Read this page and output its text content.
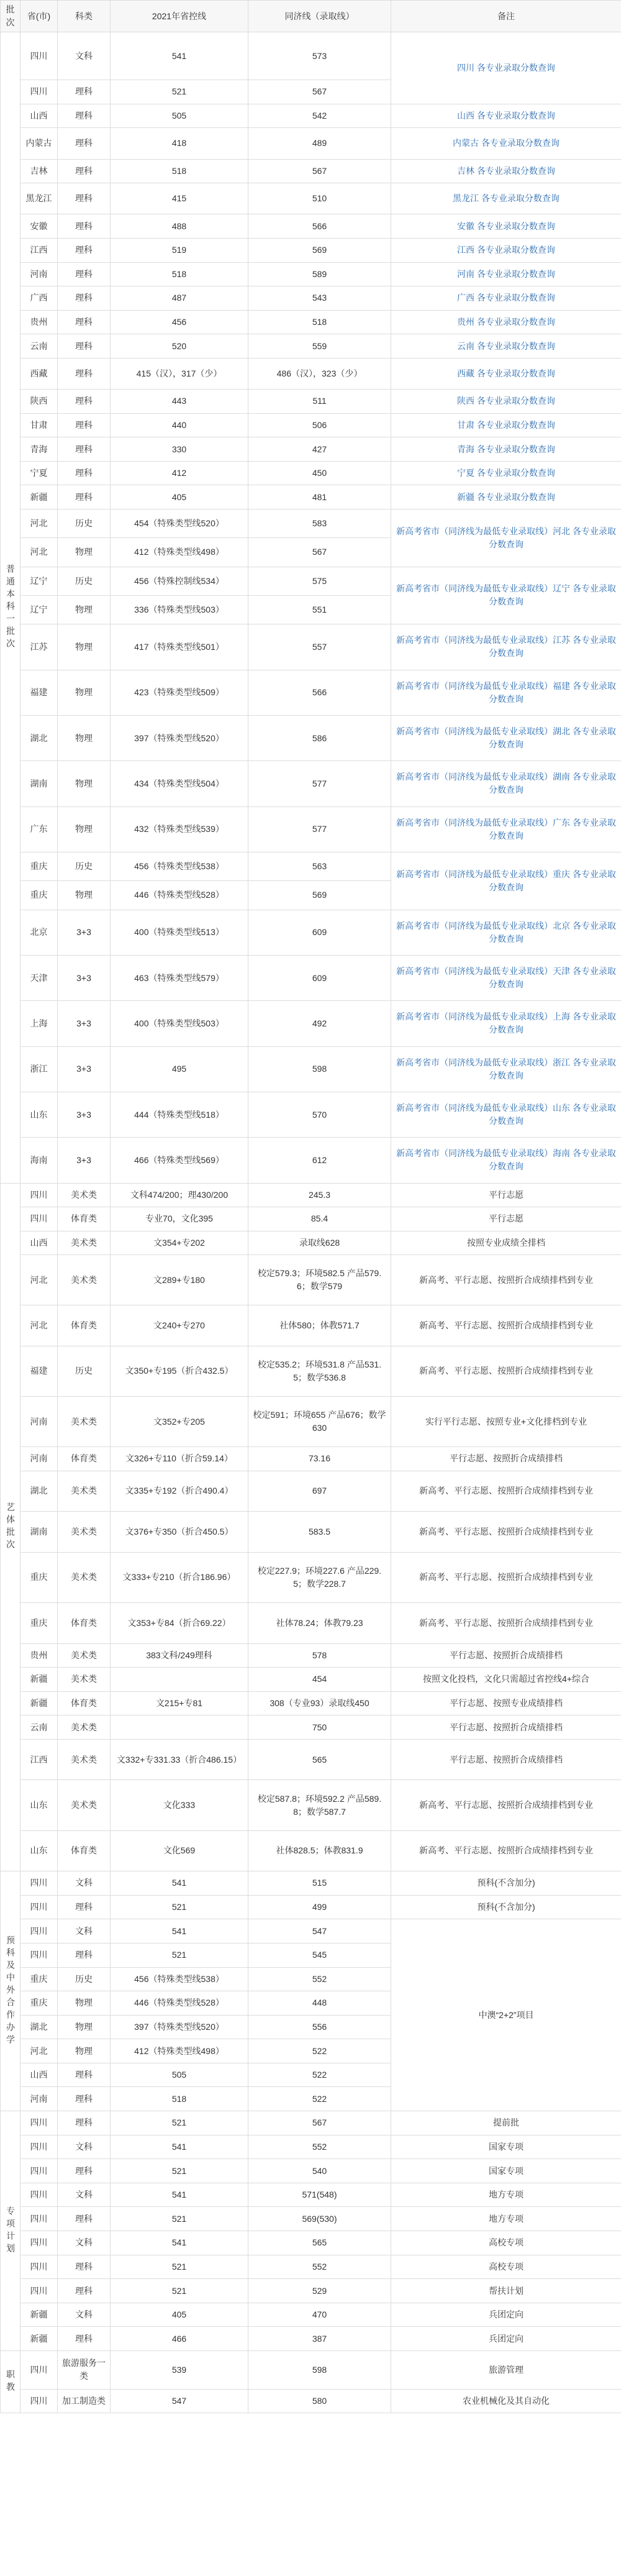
批次	省(市)	科类	2021年省控线	同济线（录取线）	备注
普通本科一批次	四川	文科	541	573	四川 各专业录取分数查询
	四川	理科	521	567	
	山西	理科	505	542	山西 各专业录取分数查询
	内蒙古	理科	418	489	内蒙古 各专业录取分数查询
	吉林	理科	518	567	吉林 各专业录取分数查询
	黑龙江	理科	415	510	黑龙江 各专业录取分数查询
	安徽	理科	488	566	安徽 各专业录取分数查询
	江西	理科	519	569	江西 各专业录取分数查询
	河南	理科	518	589	河南 各专业录取分数查询
	广西	理科	487	543	广西 各专业录取分数查询
	贵州	理科	456	518	贵州 各专业录取分数查询
	云南	理科	520	559	云南 各专业录取分数查询
	西藏	理科	415（汉），317（少）	486（汉），323（少）	西藏 各专业录取分数查询
	陕西	理科	443	511	陕西 各专业录取分数查询
	甘肃	理科	440	506	甘肃 各专业录取分数查询
	青海	理科	330	427	青海 各专业录取分数查询
	宁夏	理科	412	450	宁夏 各专业录取分数查询
	新疆	理科	405	481	新疆 各专业录取分数查询
	河北	历史	454（特殊类型线520）	583	新高考省市（同济线为最低专业录取线）河北 各专业录取分数查询
	河北	物理	412（特殊类型线498）	567	
	辽宁	历史	456（特殊控制线534）	575	新高考省市（同济线为最低专业录取线）辽宁 各专业录取分数查询
	辽宁	物理	336（特殊类型线503）	551	
	江苏	物理	417（特殊类型线501）	557	新高考省市（同济线为最低专业录取线）江苏 各专业录取分数查询
	福建	物理	423（特殊类型线509）	566	新高考省市（同济线为最低专业录取线）福建 各专业录取分数查询
	湖北	物理	397（特殊类型线520）	586	新高考省市（同济线为最低专业录取线）湖北 各专业录取分数查询
	湖南	物理	434（特殊类型线504）	577	新高考省市（同济线为最低专业录取线）湖南 各专业录取分数查询
	广东	物理	432（特殊类型线539）	577	新高考省市（同济线为最低专业录取线）广东 各专业录取分数查询
	重庆	历史	456（特殊类型线538）	563	新高考省市（同济线为最低专业录取线）重庆 各专业录取分数查询
	重庆	物理	446（特殊类型线528）	569	
	北京	3+3	400（特殊类型线513）	609	新高考省市（同济线为最低专业录取线）北京 各专业录取分数查询
	天津	3+3	463（特殊类型线579）	609	新高考省市（同济线为最低专业录取线）天津 各专业录取分数查询
	上海	3+3	400（特殊类型线503）	492	新高考省市（同济线为最低专业录取线）上海 各专业录取分数查询
	浙江	3+3	495	598	新高考省市（同济线为最低专业录取线）浙江 各专业录取分数查询
	山东	3+3	444（特殊类型线518）	570	新高考省市（同济线为最低专业录取线）山东 各专业录取分数查询
	海南	3+3	466（特殊类型线569）	612	新高考省市（同济线为最低专业录取线）海南 各专业录取分数查询
艺体批次	四川	美术类	文科474/200；理430/200	245.3	平行志愿
	四川	体育类	专业70，文化395	85.4	平行志愿
	山西	美术类	文354+专202	录取线628	按照专业成绩全排档
	河北	美术类	文289+专180	校定579.3；环境582.5 产品579.6；数学579	新高考、平行志愿、按照折合成绩排档到专业
	河北	体育类	文240+专270	社体580；体教571.7	新高考、平行志愿、按照折合成绩排档到专业
	福建	历史	文350+专195（折合432.5）	校定535.2；环境531.8 产品531.5；数学536.8	新高考、平行志愿、按照折合成绩排档到专业
	河南	美术类	文352+专205	校定591；环境655 产品676；数学630	实行平行志愿、按照专业+文化排档到专业
	河南	体育类	文326+专110（折合59.14）	73.16	平行志愿、按照折合成绩排档
	湖北	美术类	文335+专192（折合490.4）	697	新高考、平行志愿、按照折合成绩排档到专业
	湖南	美术类	文376+专350（折合450.5）	583.5	新高考、平行志愿、按照折合成绩排档到专业
	重庆	美术类	文333+专210（折合186.96）	校定227.9；环境227.6 产品229.5；数学228.7	新高考、平行志愿、按照折合成绩排档到专业
	重庆	体育类	文353+专84（折合69.22）	社体78.24；体教79.23	新高考、平行志愿、按照折合成绩排档到专业
	贵州	美术类	383文科/249理科	578	平行志愿、按照折合成绩排档
	新疆	美术类		454	按照文化投档，文化只需超过省控线4+综合
	新疆	体育类	文215+专81	308（专业93）录取线450	平行志愿、按照专业成绩排档
	云南	美术类		750	平行志愿、按照折合成绩排档
	江西	美术类	文332+专331.33（折合486.15）	565	平行志愿、按照折合成绩排档
	山东	美术类	文化333	校定587.8；环境592.2 产品589.8；数学587.7	新高考、平行志愿、按照折合成绩排档到专业
	山东	体育类	文化569	社体828.5；体教831.9	新高考、平行志愿、按照折合成绩排档到专业
预科及中外合作办学	四川	文科	541	515	预科(不含加分)
	四川	理科	521	499	预科(不含加分)
	四川	文科	541	547	中澳“2+2”项目
	四川	理科	521	545	
	重庆	历史	456（特殊类型线538）	552	
	重庆	物理	446（特殊类型线528）	448	
	湖北	物理	397（特殊类型线520）	556	
	河北	物理	412（特殊类型线498）	522	
	山西	理科	505	522	
	河南	理科	518	522	
专项计划	四川	理科	521	567	提前批
	四川	文科	541	552	国家专项
	四川	理科	521	540	国家专项
	四川	文科	541	571(548)	地方专项
	四川	理科	521	569(530)	地方专项
	四川	文科	541	565	高校专项
	四川	理科	521	552	高校专项
	四川	理科	521	529	帮扶计划
	新疆	文科	405	470	兵团定向
	新疆	理科	466	387	兵团定向
职教	四川	旅游服务一类	539	598	旅游管理
	四川	加工制造类	547	580	农业机械化及其自动化
